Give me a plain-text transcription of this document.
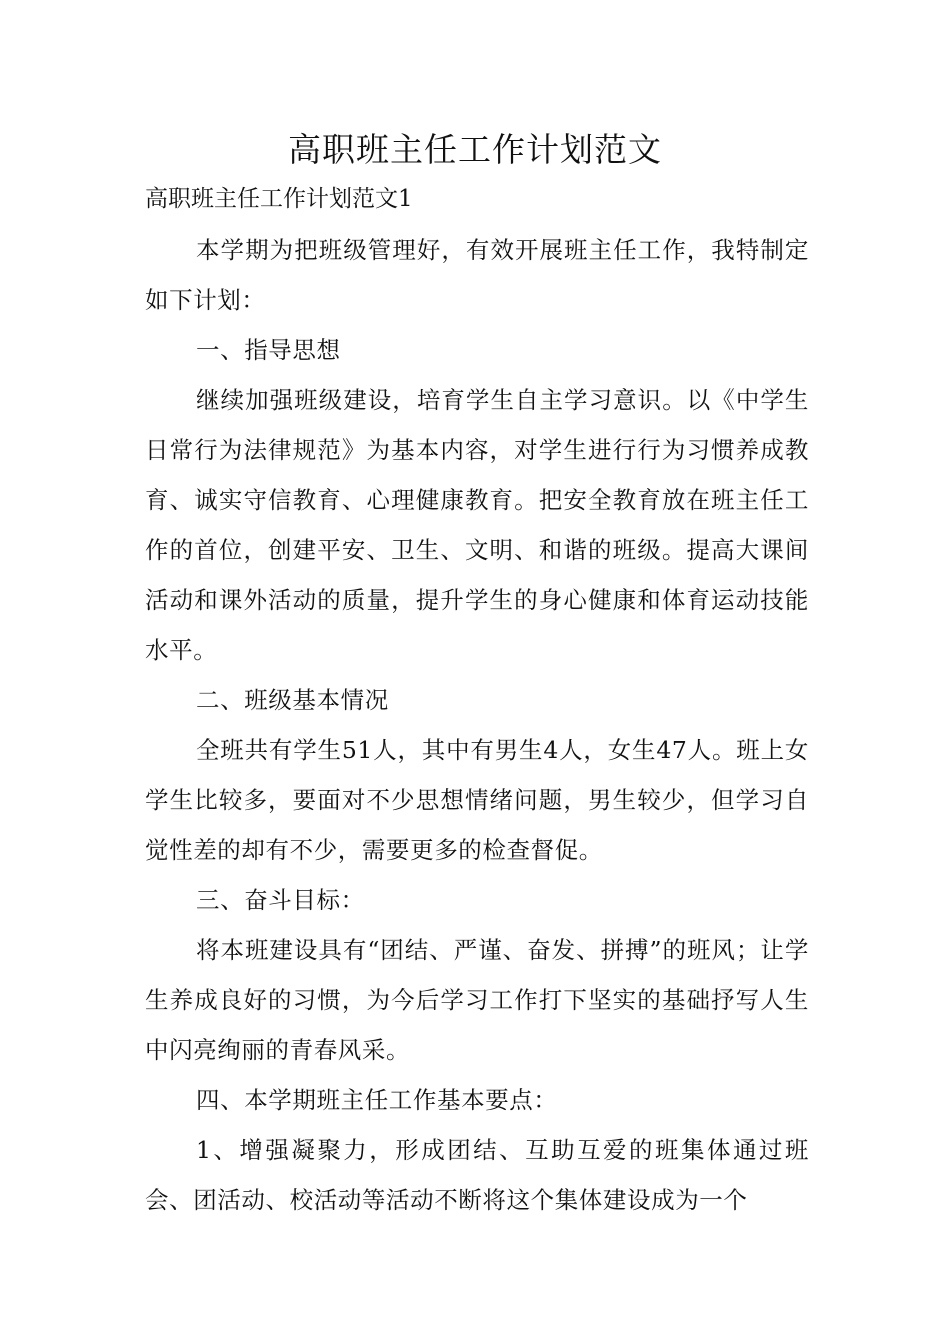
高职班主任工作计划范文

高职班主任工作计划范文1

本学期为把班级管理好，有效开展班主任工作，我特制定如下计划：

一、指导思想

继续加强班级建设，培育学生自主学习意识。以《中学生日常行为法律规范》为基本内容，对学生进行行为习惯养成教育、诚实守信教育、心理健康教育。把安全教育放在班主任工作的首位，创建平安、卫生、文明、和谐的班级。提高大课间活动和课外活动的质量，提升学生的身心健康和体育运动技能水平。

二、班级基本情况

全班共有学生51人，其中有男生4人，女生47人。班上女学生比较多，要面对不少思想情绪问题，男生较少，但学习自觉性差的却有不少，需要更多的检查督促。

三、奋斗目标：

将本班建设具有“团结、严谨、奋发、拼搏”的班风；让学生养成良好的习惯，为今后学习工作打下坚实的基础抒写人生中闪亮绚丽的青春风采。

四、本学期班主任工作基本要点：

1、增强凝聚力，形成团结、互助互爱的班集体通过班会、团活动、校活动等活动不断将这个集体建设成为一个
